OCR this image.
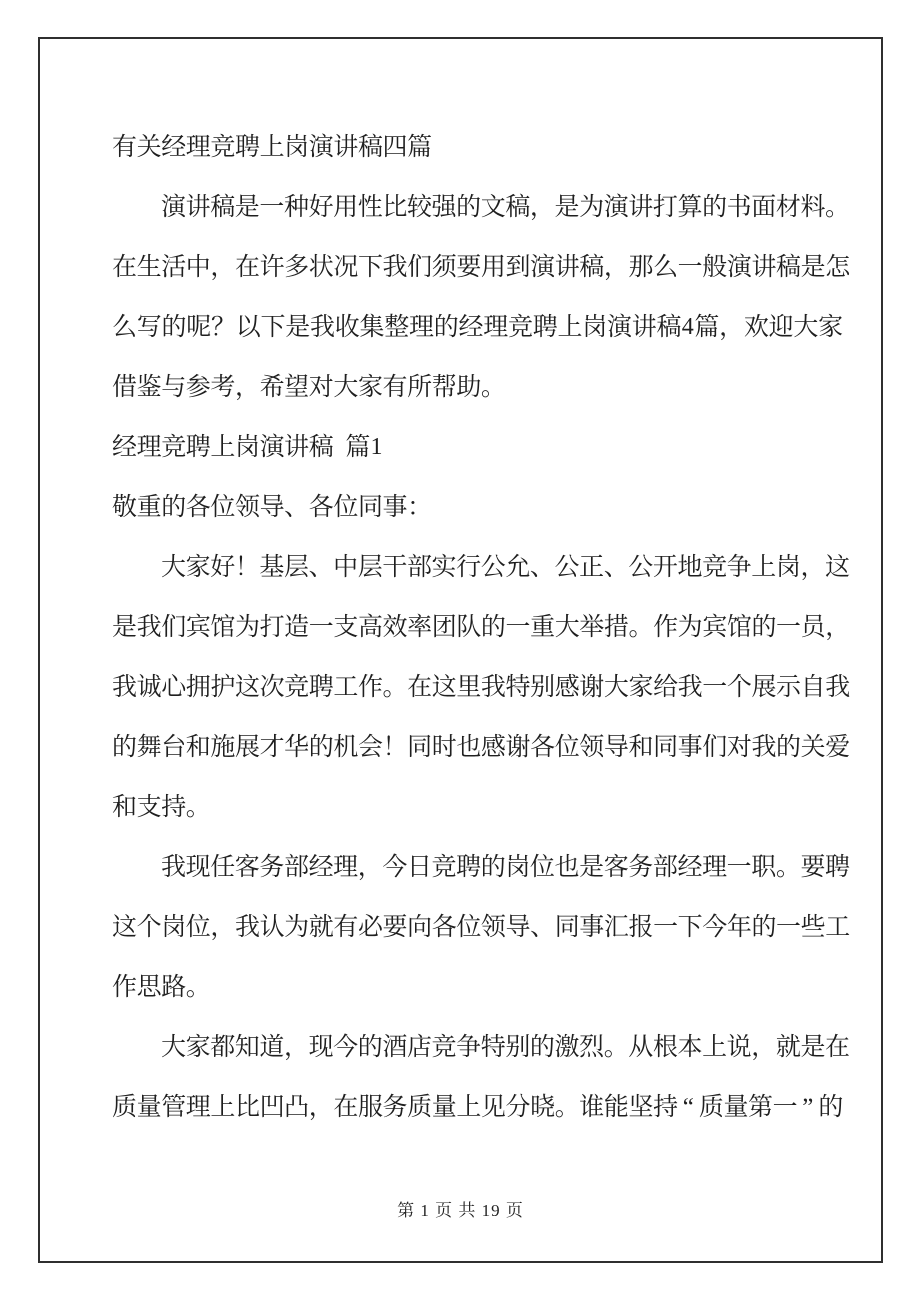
有 关 经 理 竞 聘 上 岗 演 讲 稿 四 篇
演 讲 稿 是 一 种 好 用 性 比 较 强 的 文 稿 ， 是 为 演 讲 打 算 的 书 面 材 料 。
在 生 活 中 ， 在 许 多 状 况 下 我 们 须 要 用 到 演 讲 稿 ， 那 么 一 般 演 讲 稿 是 怎
么 写 的 呢 ？ 以 下 是 我 收 集 整 理 的 经 理 竞 聘 上 岗 演 讲 稿 4 篇 ， 欢 迎 大 家
借 鉴 与 参 考 ， 希 望 对 大 家 有 所 帮 助 。
经 理 竞 聘 上 岗 演 讲 稿
篇 1
敬 重 的 各 位 领 导 、 各 位 同 事 ：
大 家 好 ！ 基 层 、 中 层 干 部 实 行 公 允 、 公 正 、 公 开 地 竞 争 上 岗 ， 这
是 我 们 宾 馆 为 打 造 一 支 高 效 率 团 队 的 一 重 大 举 措 。 作 为 宾 馆 的 一 员 ，
我 诚 心 拥 护 这 次 竞 聘 工 作 。 在 这 里 我 特 别 感 谢 大 家 给 我 一 个 展 示 自 我
的 舞 台 和 施 展 才 华 的 机 会 ！ 同 时 也 感 谢 各 位 领 导 和 同 事 们 对 我 的 关 爱
和 支 持 。
我 现 任 客 务 部 经 理 ， 今 日 竞 聘 的 岗 位 也 是 客 务 部 经 理 一 职 。 要 聘
这 个 岗 位 ， 我 认 为 就 有 必 要 向 各 位 领 导 、 同 事 汇 报 一 下 今 年 的 一 些 工
作 思 路 。
大 家 都 知 道 ， 现 今 的 酒 店 竞 争 特 别 的 激 烈 。 从 根 本 上 说 ， 就 是 在
质 量 管 理 上 比 凹 凸 ， 在 服 务 质 量 上 见 分 晓 。 谁 能 坚 持 “ 质 量 第 一 ” 的
第 1 页 共 19 页
